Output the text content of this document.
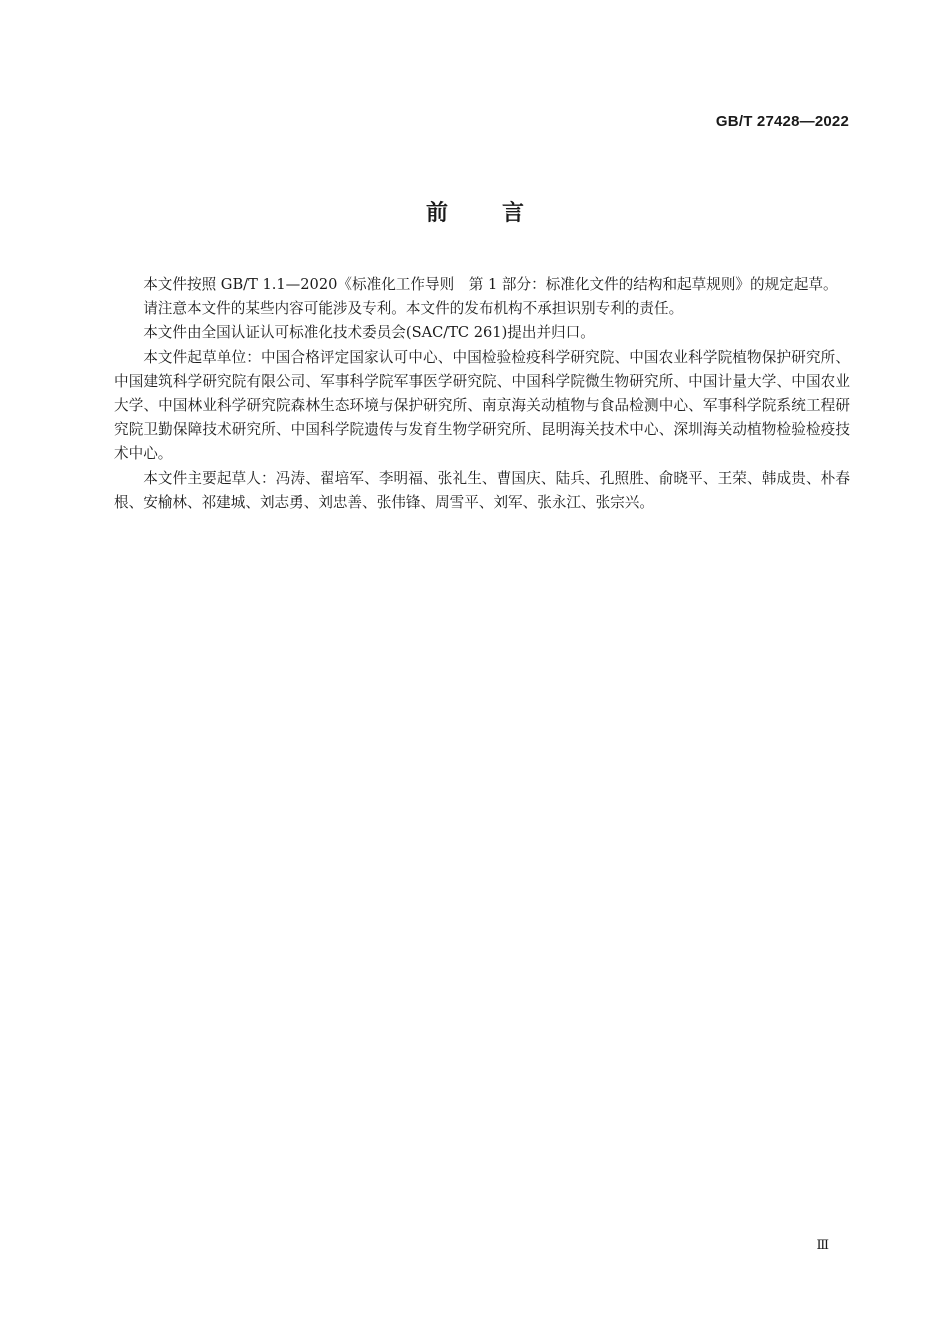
GB/T 27428—2022
前言

本文件按照 GB/T 1.1—2020《标准化工作导则　第 1 部分：标准化文件的结构和起草规则》的规定起草。

请注意本文件的某些内容可能涉及专利。本文件的发布机构不承担识别专利的责任。

本文件由全国认证认可标准化技术委员会(SAC/TC 261)提出并归口。

本文件起草单位：中国合格评定国家认可中心、中国检验检疫科学研究院、中国农业科学院植物保护研究所、中国建筑科学研究院有限公司、军事科学院军事医学研究院、中国科学院微生物研究所、中国计量大学、中国农业大学、中国林业科学研究院森林生态环境与保护研究所、南京海关动植物与食品检测中心、军事科学院系统工程研究院卫勤保障技术研究所、中国科学院遗传与发育生物学研究所、昆明海关技术中心、深圳海关动植物检验检疫技术中心。

本文件主要起草人：冯涛、翟培军、李明福、张礼生、曹国庆、陆兵、孔照胜、俞晓平、王荣、韩成贵、朴春根、安榆林、祁建城、刘志勇、刘忠善、张伟锋、周雪平、刘军、张永江、张宗兴。

Ⅲ
